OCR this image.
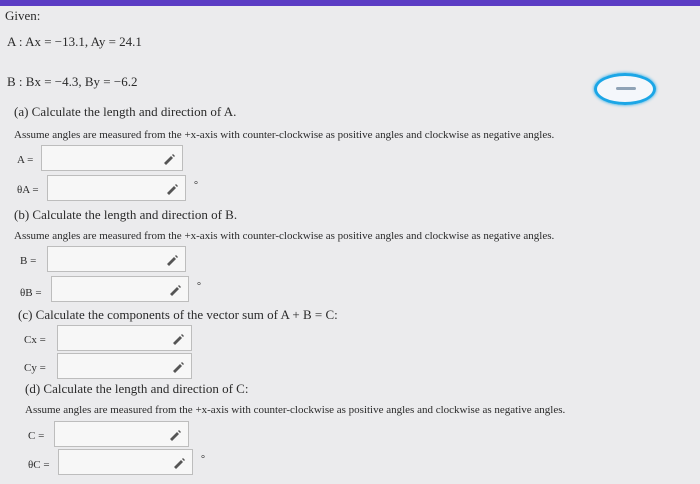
Given:
A : Ax = −13.1, Ay = 24.1
B : Bx = −4.3, By = −6.2
(a) Calculate the length and direction of A.
Assume angles are measured from the +x-axis with counter-clockwise as positive angles and clockwise as negative angles.
A =
θA =	°
(b) Calculate the length and direction of B.
Assume angles are measured from the +x-axis with counter-clockwise as positive angles and clockwise as negative angles.
B =
θB =
°
(c) Calculate the components of the vector sum of A + B = C:
Cx =
Cy =
(d) Calculate the length and direction of C:
Assume angles are measured from the +x-axis with counter-clockwise as positive angles and clockwise as negative angles.
C =
θC =	°
